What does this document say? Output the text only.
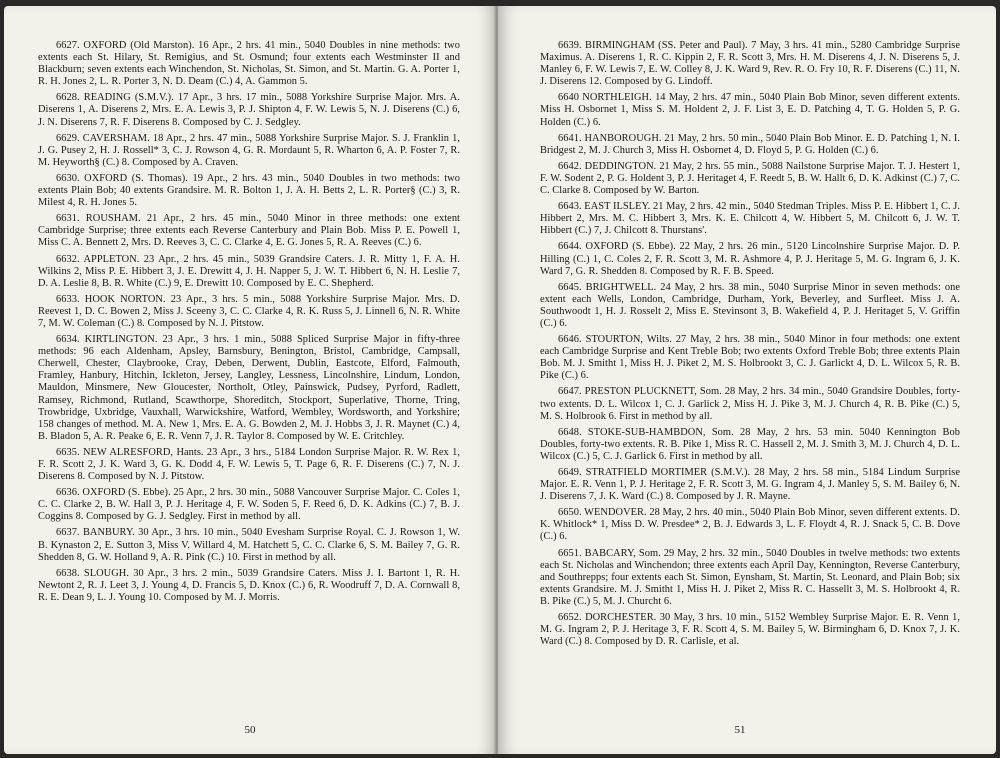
6627. OXFORD (Old Marston). 16 Apr., 2 hrs. 41 min., 5040 Doubles in nine methods: two extents each St. Hilary, St. Remigius, and St. Osmund; four extents each Westminster II and Blackburn; seven extents each Winchendon, St. Nicholas, St. Simon, and St. Martin. G. A. Porter 1, R. H. Jones 2, L. R. Porter 3, N. D. Deam (C.) 4, A. Gammon 5.

6628. READING (S.M.V.). 17 Apr., 3 hrs. 17 min., 5088 Yorkshire Surprise Major. Mrs. A. Diserens 1, A. Diserens 2, Mrs. E. A. Lewis 3, P. J. Shipton 4, F. W. Lewis 5, N. J. Diserens (C.) 6, J. N. Diserens 7, R. F. Diserens 8. Composed by C. J. Sedgley.

6629. CAVERSHAM. 18 Apr., 2 hrs. 47 min., 5088 Yorkshire Surprise Major. S. J. Franklin 1, J. G. Pusey 2, H. J. Rossell* 3, C. J. Rowson 4, G. R. Mordaunt 5, R. Wharton 6, A. P. Foster 7, R. M. Heyworth§ (C.) 8. Composed by A. Craven.

6630. OXFORD (S. Thomas). 19 Apr., 2 hrs. 43 min., 5040 Doubles in two methods: two extents Plain Bob; 40 extents Grandsire. M. R. Bolton 1, J. A. H. Betts 2, L. R. Porter§ (C.) 3, R. Milest 4, R. H. Jones 5.

6631. ROUSHAM. 21 Apr., 2 hrs. 45 min., 5040 Minor in three methods: one extent Cambridge Surprise; three extents each Reverse Canterbury and Plain Bob. Miss P. E. Powell 1, Miss C. A. Bennett 2, Mrs. D. Reeves 3, C. C. Clarke 4, E. G. Jones 5, R. A. Reeves (C.) 6.

6632. APPLETON. 23 Apr., 2 hrs. 45 min., 5039 Grandsire Caters. J. R. Mitty 1, F. A. H. Wilkins 2, Miss P. E. Hibbert 3, J. E. Drewitt 4, J. H. Napper 5, J. W. T. Hibbert 6, N. H. Leslie 7, D. A. Leslie 8, B. R. White (C.) 9, E. Drewitt 10. Composed by E. C. Shepherd.

6633. HOOK NORTON. 23 Apr., 3 hrs. 5 min., 5088 Yorkshire Surprise Major. Mrs. D. Reevest 1, D. C. Bowen 2, Miss J. Sceeny 3, C. C. Clarke 4, R. K. Russ 5, J. Linnell 6, N. R. White 7, M. W. Coleman (C.) 8. Composed by N. J. Pitstow.

6634. KIRTLINGTON. 23 Apr., 3 hrs. 1 min., 5088 Spliced Surprise Major in fifty-three methods: 96 each Aldenham, Apsley, Barnsbury, Benington, Bristol, Cambridge, Campsall, Cherwell, Chester, Claybrooke, Cray, Deben, Derwent, Dublin, Eastcote, Elford, Falmouth, Framley, Hanbury, Hitchin, Ickleton, Jersey, Langley, Lessness, Lincolnshire, Lindum, London, Mauldon, Minsmere, New Gloucester, Northolt, Otley, Painswick, Pudsey, Pyrford, Radlett, Ramsey, Richmond, Rutland, Scawthorpe, Shoreditch, Stockport, Superlative, Thorne, Tring, Trowbridge, Uxbridge, Vauxhall, Warwickshire, Watford, Wembley, Wordsworth, and Yorkshire; 158 changes of method. M. A. New 1, Mrs. E. A. G. Bowden 2, M. J. Hobbs 3, J. R. Maynet (C.) 4, B. Bladon 5, A. R. Peake 6, E. R. Venn 7, J. R. Taylor 8. Composed by W. E. Critchley.

6635. NEW ALRESFORD, Hants. 23 Apr., 3 hrs., 5184 London Surprise Major. R. W. Rex 1, F. R. Scott 2, J. K. Ward 3, G. K. Dodd 4, F. W. Lewis 5, T. Page 6, R. F. Diserens (C.) 7, N. J. Diserens 8. Composed by N. J. Pitstow.

6636. OXFORD (S. Ebbe). 25 Apr., 2 hrs. 30 min., 5088 Vancouver Surprise Major. C. Coles 1, C. C. Clarke 2, B. W. Hall 3, P. J. Heritage 4, F. W. Soden 5, F. Reed 6, D. K. Adkins (C.) 7, B. J. Coggins 8. Composed by G. J. Sedgley. First in method by all.

6637. BANBURY. 30 Apr., 3 hrs. 10 min., 5040 Evesham Surprise Royal. C. J. Rowson 1, W. B. Kynaston 2, E. Sutton 3, Miss V. Willard 4, M. Hatchett 5, C. C. Clarke 6, S. M. Bailey 7, G. R. Shedden 8, G. W. Holland 9, A. R. Pink (C.) 10. First in method by all.

6638. SLOUGH. 30 Apr., 3 hrs. 2 min., 5039 Grandsire Caters. Miss J. I. Bartont 1, R. H. Newtont 2, R. J. Leet 3, J. Young 4, D. Francis 5, D. Knox (C.) 6, R. Woodruff 7, D. A. Cornwall 8, R. E. Dean 9, L. J. Young 10. Composed by M. J. Morris.

50

6639. BIRMINGHAM (SS. Peter and Paul). 7 May, 3 hrs. 41 min., 5280 Cambridge Surprise Maximus. A. Diserens 1, R. C. Kippin 2, F. R. Scott 3, Mrs. H. M. Diserens 4, J. N. Diserens 5, J. Manley 6, F. W. Lewis 7, E. W. Colley 8, J. K. Ward 9, Rev. R. O. Fry 10, R. F. Diserens (C.) 11, N. J. Diserens 12. Composed by G. Lindoff.

6640 NORTHLEIGH. 14 May, 2 hrs. 47 min., 5040 Plain Bob Minor, seven different extents. Miss H. Osbornet 1, Miss S. M. Holdent 2, J. F. List 3, E. D. Patching 4, T. G. Holden 5, P. G. Holden (C.) 6.

6641. HANBOROUGH. 21 May, 2 hrs. 50 min., 5040 Plain Bob Minor. E. D. Patching 1, N. I. Bridgest 2, M. J. Church 3, Miss H. Osbornet 4, D. Floyd 5, P. G. Holden (C.) 6.

6642. DEDDINGTON. 21 May, 2 hrs. 55 min., 5088 Nailstone Surprise Major. T. J. Hestert 1, F. W. Sodent 2, P. G. Holdent 3, P. J. Heritaget 4, F. Reedt 5, B. W. Hallt 6, D. K. Adkinst (C.) 7, C. C. Clarke 8. Composed by W. Barton.

6643. EAST ILSLEY. 21 May, 2 hrs. 42 min., 5040 Stedman Triples. Miss P. E. Hibbert 1, C. J. Hibbert 2, Mrs. M. C. Hibbert 3, Mrs. K. E. Chilcott 4, W. Hibbert 5, M. Chilcott 6, J. W. T. Hibbert (C.) 7, J. Chilcott 8. Thurstans'.

6644. OXFORD (S. Ebbe). 22 May, 2 hrs. 26 min., 5120 Lincolnshire Surprise Major. D. P. Hilling (C.) 1, C. Coles 2, F. R. Scott 3, M. R. Ashmore 4, P. J. Heritage 5, M. G. Ingram 6, J. K. Ward 7, G. R. Shedden 8. Composed by R. F. B. Speed.

6645. BRIGHTWELL. 24 May, 2 hrs. 38 min., 5040 Surprise Minor in seven methods: one extent each Wells, London, Cambridge, Durham, York, Beverley, and Surfleet. Miss J. A. Southwoodt 1, H. J. Rosselt 2, Miss E. Stevinsont 3, B. Wakefield 4, P. J. Heritaget 5, V. Griffin (C.) 6.

6646. STOURTON, Wilts. 27 May, 2 hrs. 38 min., 5040 Minor in four methods: one extent each Cambridge Surprise and Kent Treble Bob; two extents Oxford Treble Bob; three extents Plain Bob. M. J. Smitht 1, Miss H. J. Piket 2, M. S. Holbrookt 3, C. J. Garlickt 4, D. L. Wilcox 5, R. B. Pike (C.) 6.

6647. PRESTON PLUCKNETT, Som. 28 May, 2 hrs. 34 min., 5040 Grandsire Doubles, forty-two extents. D. L. Wilcox 1, C. J. Garlick 2, Miss H. J. Pike 3, M. J. Church 4, R. B. Pike (C.) 5, M. S. Holbrook 6. First in method by all.

6648. STOKE-SUB-HAMBDON, Som. 28 May, 2 hrs. 53 min. 5040 Kennington Bob Doubles, forty-two extents. R. B. Pike 1, Miss R. C. Hassell 2, M. J. Smith 3, M. J. Church 4, D. L. Wilcox (C.) 5, C. J. Garlick 6. First in method by all.

6649. STRATFIELD MORTIMER (S.M.V.). 28 May, 2 hrs. 58 min., 5184 Lindum Surprise Major. E. R. Venn 1, P. J. Heritage 2, F. R. Scott 3, M. G. Ingram 4, J. Manley 5, S. M. Bailey 6, N. J. Diserens 7, J. K. Ward (C.) 8. Composed by J. R. Mayne.

6650. WENDOVER. 28 May, 2 hrs. 40 min., 5040 Plain Bob Minor, seven different extents. D. K. Whitlock* 1, Miss D. W. Presdee* 2, B. J. Edwards 3, L. F. Floydt 4, R. J. Snack 5, C. B. Dove (C.) 6.

6651. BABCARY, Som. 29 May, 2 hrs. 32 min., 5040 Doubles in twelve methods: two extents each St. Nicholas and Winchendon; three extents each April Day, Kennington, Reverse Canterbury, and Southrepps; four extents each St. Simon, Eynsham, St. Martin, St. Leonard, and Plain Bob; six extents Grandsire. M. J. Smitht 1, Miss H. J. Piket 2, Miss R. C. Hassellt 3, M. S. Holbrookt 4, R. B. Pike (C.) 5, M. J. Churcht 6.

6652. DORCHESTER. 30 May, 3 hrs. 10 min., 5152 Wembley Surprise Major. E. R. Venn 1, M. G. Ingram 2, P. J. Heritage 3, F. R. Scott 4, S. M. Bailey 5, W. Birmingham 6, D. Knox 7, J. K. Ward (C.) 8. Composed by D. R. Carlisle, et al.

51
